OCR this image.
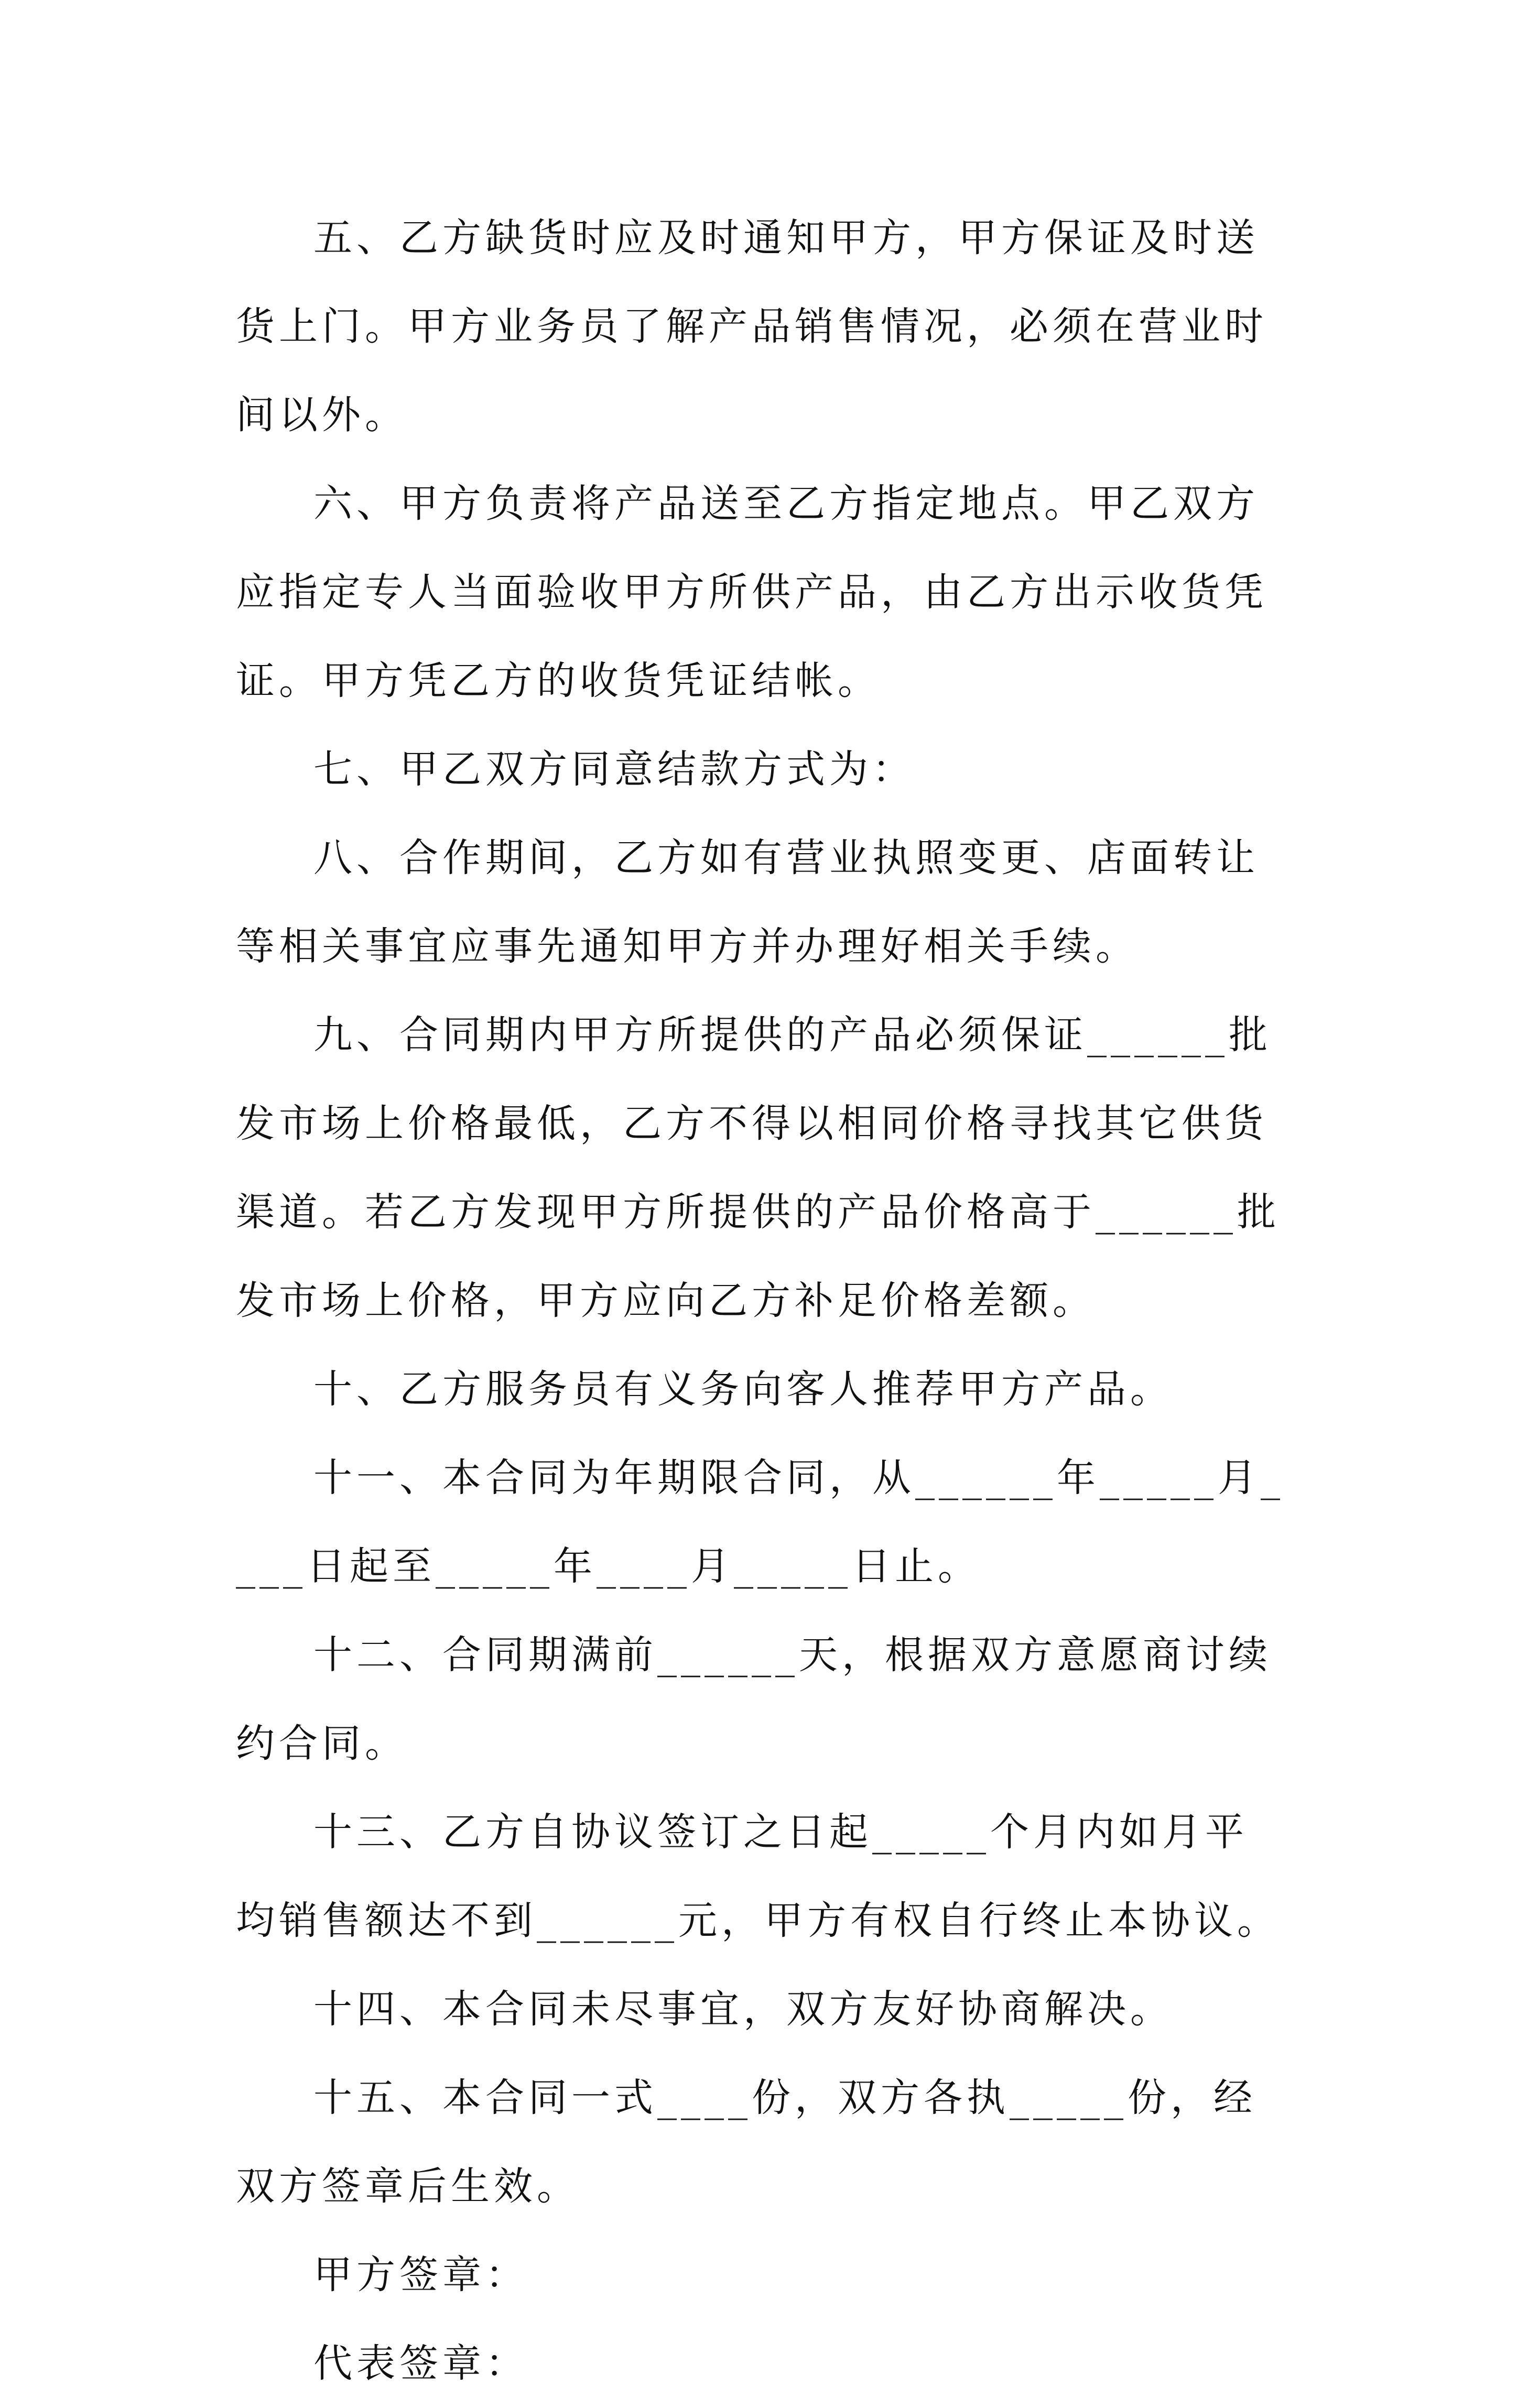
五、乙方缺货时应及时通知甲方，甲方保证及时送货上门。甲方业务员了解产品销售情况，必须在营业时间以外。

六、甲方负责将产品送至乙方指定地点。甲乙双方应指定专人当面验收甲方所供产品，由乙方出示收货凭证。甲方凭乙方的收货凭证结帐。

七、甲乙双方同意结款方式为：

八、合作期间，乙方如有营业执照变更、店面转让等相关事宜应事先通知甲方并办理好相关手续。

九、合同期内甲方所提供的产品必须保证______批发市场上价格最低，乙方不得以相同价格寻找其它供货渠道。若乙方发现甲方所提供的产品价格高于______批发市场上价格，甲方应向乙方补足价格差额。

十、乙方服务员有义务向客人推荐甲方产品。

十一、本合同为年期限合同，从______年_____月____日起至_____年____月_____日止。

十二、合同期满前______天，根据双方意愿商讨续约合同。

十三、乙方自协议签订之日起_____个月内如月平均销售额达不到______元，甲方有权自行终止本协议。

十四、本合同未尽事宜，双方友好协商解决。

十五、本合同一式____份，双方各执_____份，经双方签章后生效。

甲方签章：

代表签章：
